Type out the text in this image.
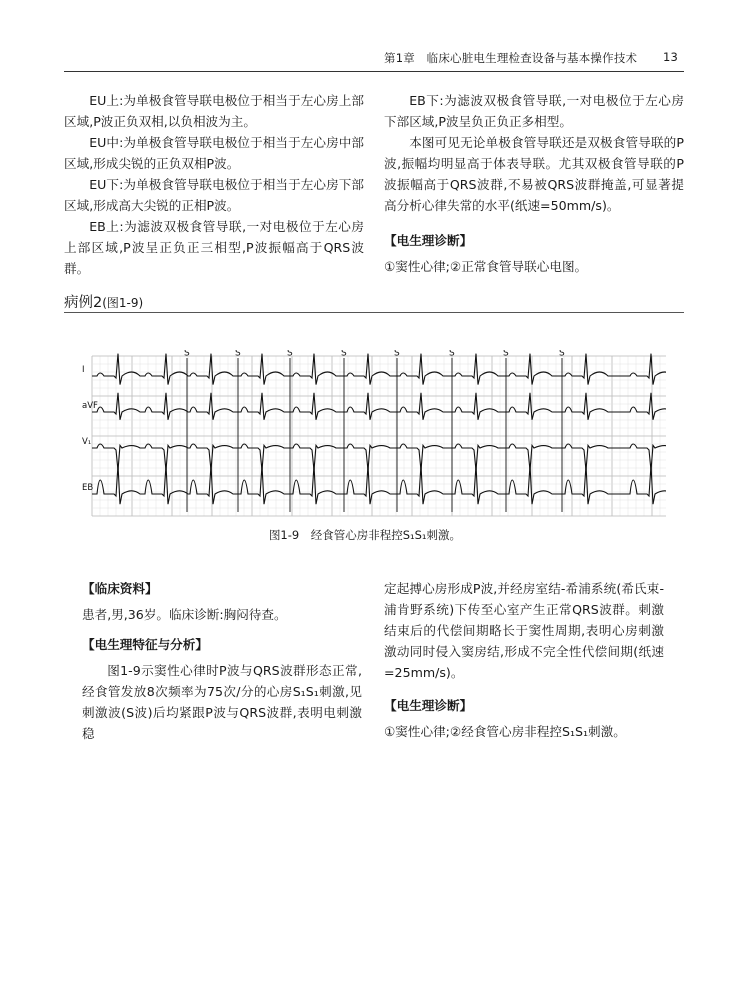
第1章　临床心脏电生理检查设备与基本操作技术 13

EU上:为单极食管导联电极位于相当于左心房上部区域,P波正负双相,以负相波为主。

EU中:为单极食管导联电极位于相当于左心房中部区域,形成尖锐的正负双相P波。

EU下:为单极食管导联电极位于相当于左心房下部区域,形成高大尖锐的正相P波。

EB上:为滤波双极食管导联,一对电极位于左心房上部区域,P波呈正负正三相型,P波振幅高于QRS波群。

EB下:为滤波双极食管导联,一对电极位于左心房下部区域,P波呈负正负正多相型。

本图可见无论单极食管导联还是双极食管导联的P波,振幅均明显高于体表导联。尤其双极食管导联的P波振幅高于QRS波群,不易被QRS波群掩盖,可显著提高分析心律失常的水平(纸速=50mm/s)。

【电生理诊断】

①窦性心律;②正常食管导联心电图。

病例2(图1-9)
S	S	S	S	S	S	S	S
I
aVF
V₁
EB
图1-9　经食管心房非程控S₁S₁刺激。

【临床资料】

患者,男,36岁。临床诊断:胸闷待查。

【电生理特征与分析】

图1-9示窦性心律时P波与QRS波群形态正常,经食管发放8次频率为75次/分的心房S₁S₁刺激,见刺激波(S波)后均紧跟P波与QRS波群,表明电刺激稳

定起搏心房形成P波,并经房室结-希浦系统(希氏束-浦肯野系统)下传至心室产生正常QRS波群。刺激结束后的代偿间期略长于窦性周期,表明心房刺激激动同时侵入窦房结,形成不完全性代偿间期(纸速=25mm/s)。

【电生理诊断】

①窦性心律;②经食管心房非程控S₁S₁刺激。
